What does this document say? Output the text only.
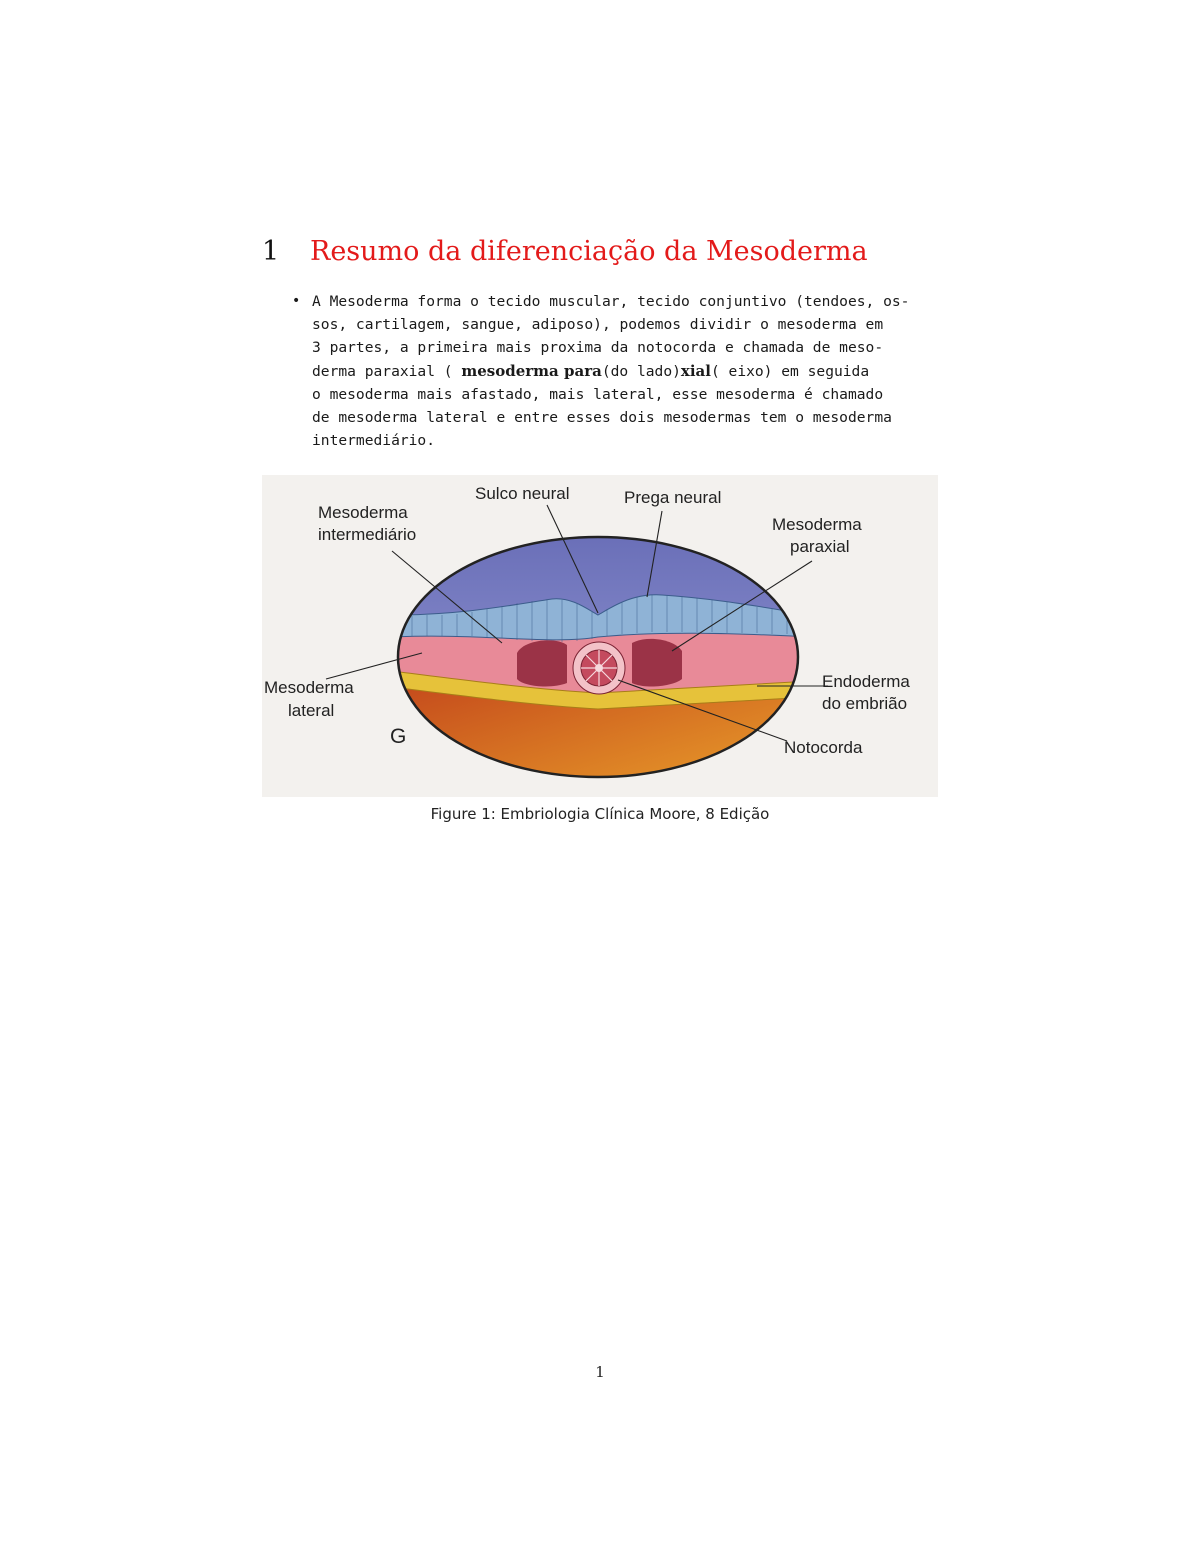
1 Resumo da diferenciação da Mesoderma
• A Mesoderma forma o tecido muscular, tecido conjuntivo (tendoes, os-
sos, cartilagem, sangue, adiposo), podemos dividir o mesoderma em
3 partes, a primeira mais proxima da notocorda e chamada de meso-
derma paraxial ( mesoderma para(do lado)xial( eixo) em seguida
o mesoderma mais afastado, mais lateral, esse mesoderma é chamado
de mesoderma lateral e entre esses dois mesodermas tem o mesoderma
intermediário.
Sulco neural	Prega neural
Mesoderma
intermediário
Mesoderma
paraxial
Mesoderma
lateral
Endoderma
do embrião
Notocorda
G
Figure 1: Embriologia Clínica Moore, 8 Edição
1
